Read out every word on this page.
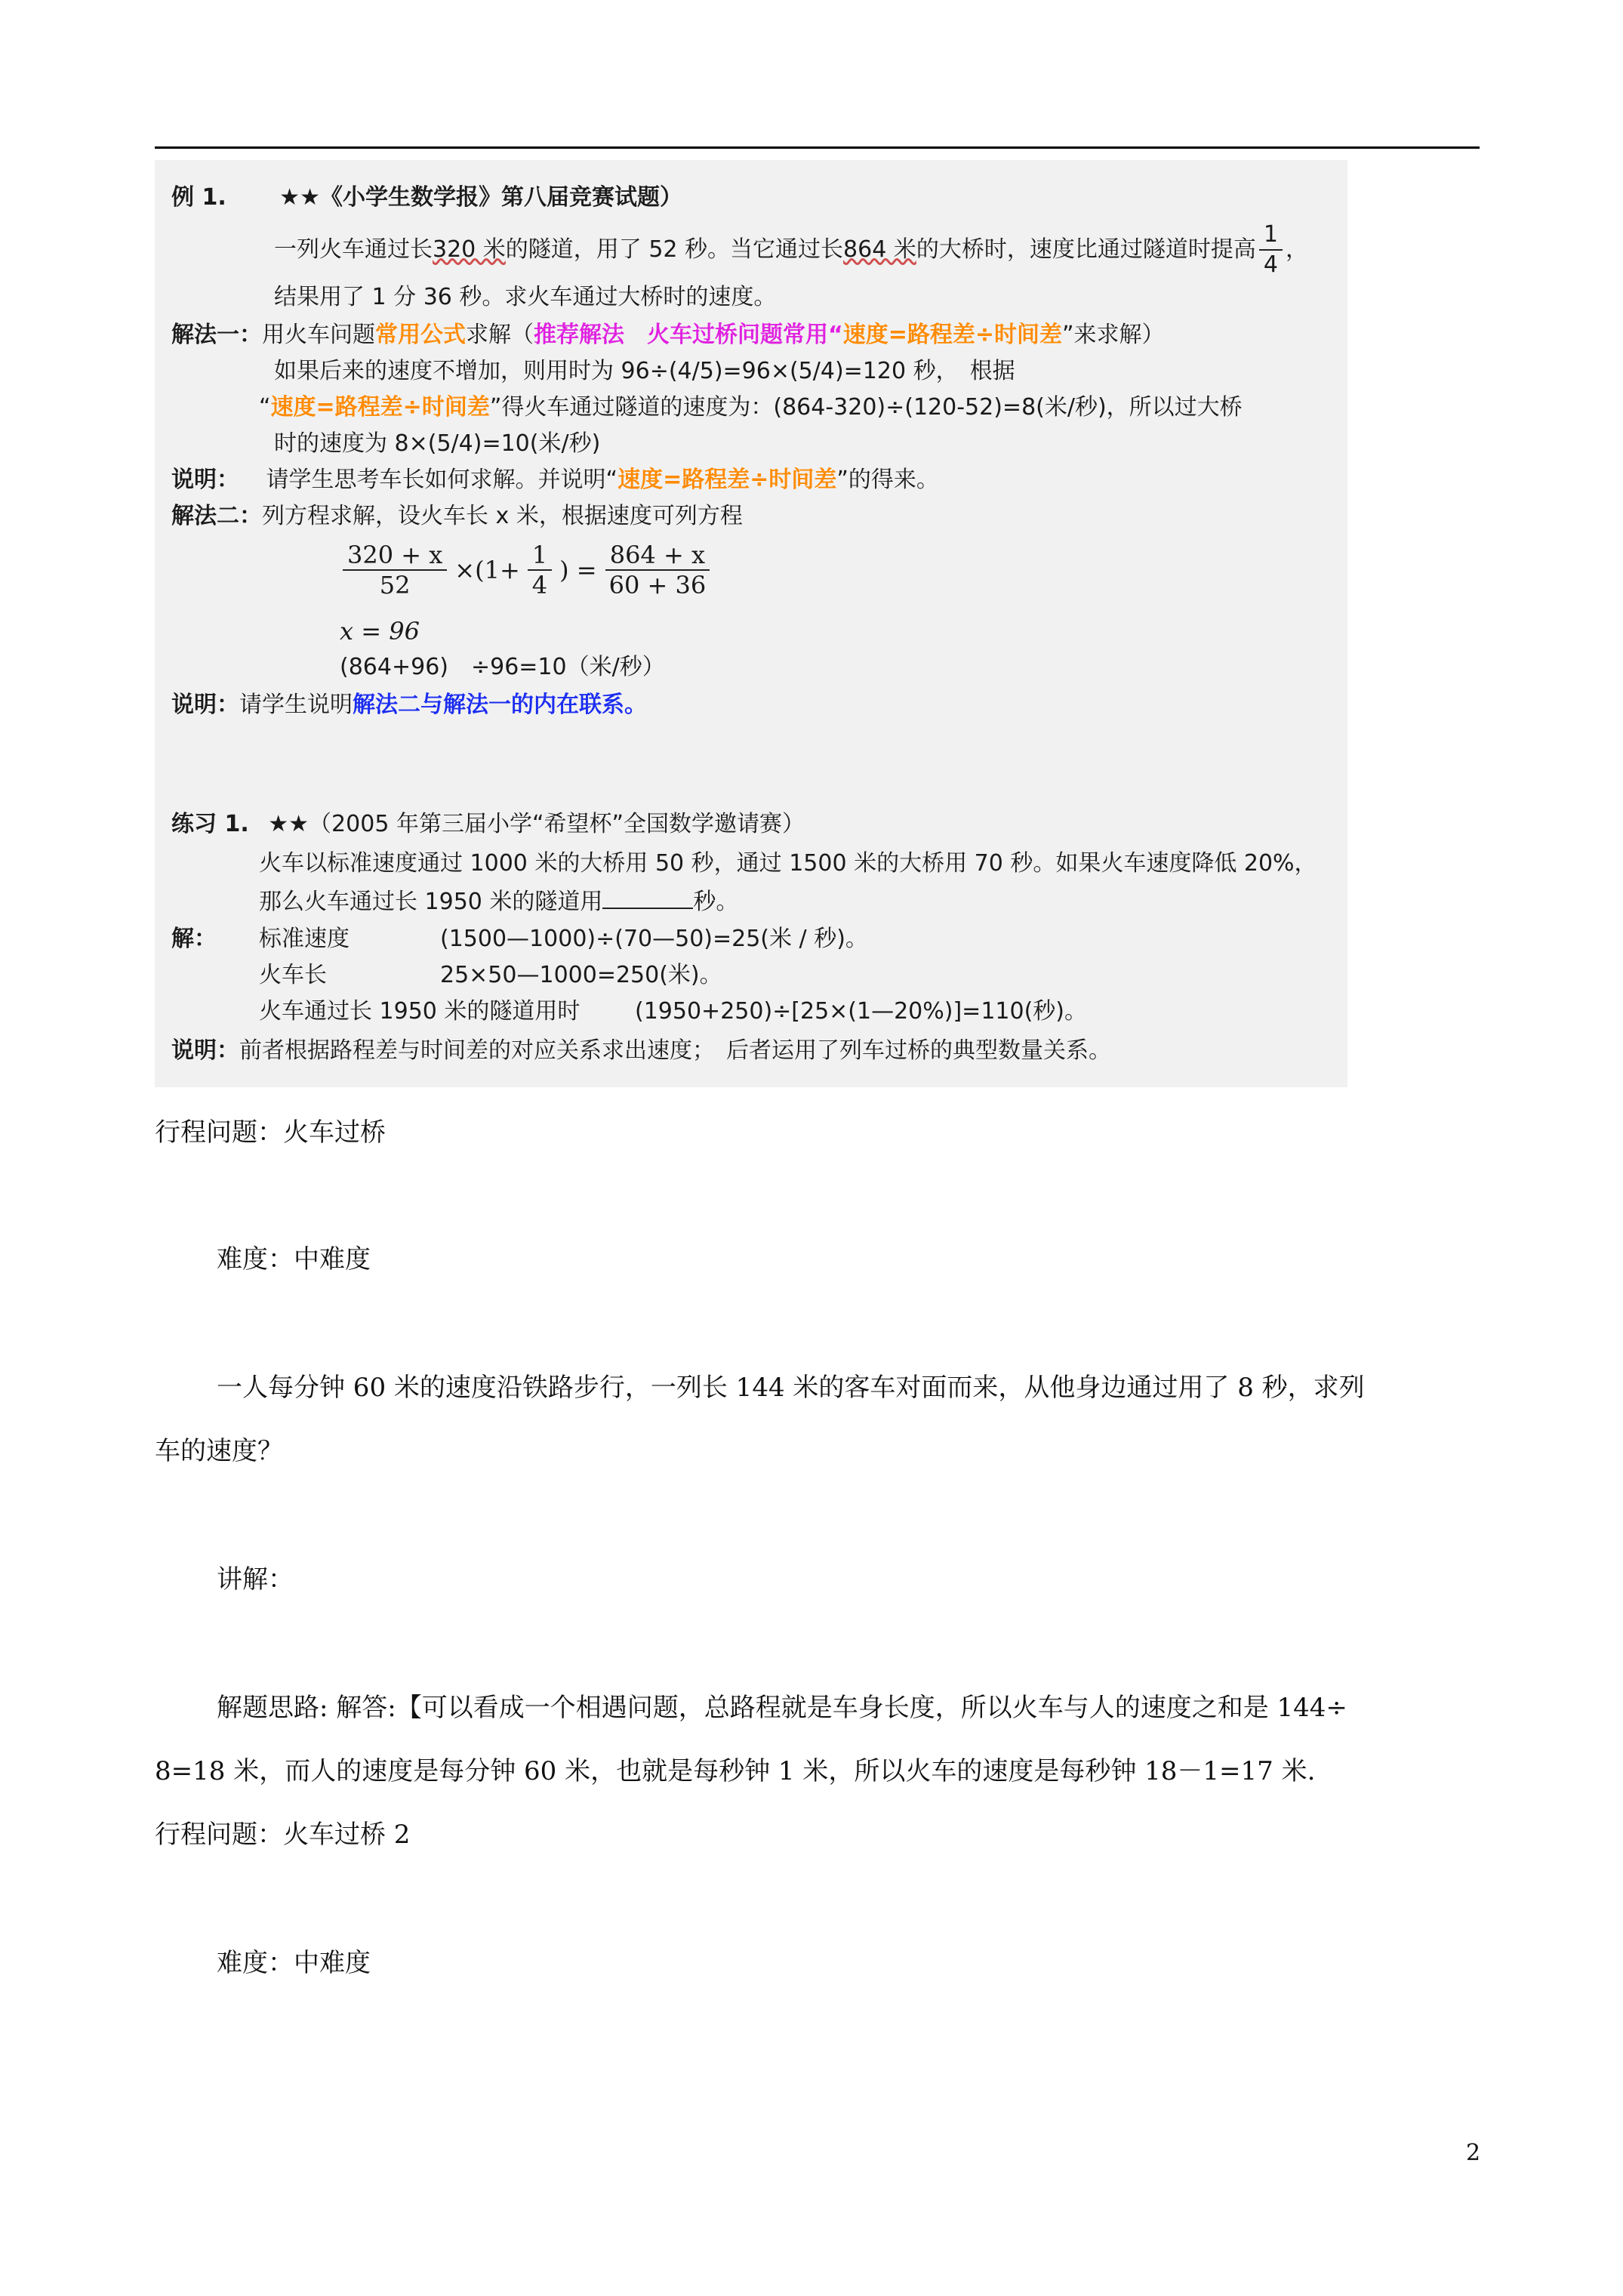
例 1. ★★《小学生数学报》第八届竞赛试题）
一列火车通过长 320 米 的隧道，用了 52 秒。当它通过长 864 米 的大桥时，速度比通过隧道时提高 $\frac{1}{4}$ ，
结果用了 1 分 36 秒。求火车通过大桥时的速度。
解法一：用火车问题常用公式求解（推荐解法　火车过桥问题常用“速度=路程差÷时间差”来求解）
如果后来的速度不增加，则用时为 96÷(4/5)=96×(5/4)=120 秒，　根据
“速度=路程差÷时间差”得火车通过隧道的速度为：(864-320)÷(120-52)=8(米/秒)，所以过大桥
时的速度为 8×(5/4)=10(米/秒)
说明： 请学生思考车长如何求解。并说明“速度=路程差÷时间差”的得来。
解法二：列方程求解，设火车长 x 米，根据速度可列方程
$\frac{320 + x}{52} \times(1+ \frac{1}{4}$ ) = $\frac{864 + x}{60 + 36}$
x = 96
(864+96)　÷96=10（米/秒）
说明：请学生说明解法二与解法一的内在联系。
练习 1. ★★（2005 年第三届小学“希望杯”全国数学邀请赛）
火车以标准速度通过 1000 米的大桥用 50 秒，通过 1500 米的大桥用 70 秒。如果火车速度降低 20%，
那么火车通过长 1950 米的隧道用	秒。
解： 标准速度	(1500—1000)÷(70—50)=25(米 / 秒)。
火车长	25×50—1000=250(米)。
火车通过长 1950 米的隧道用时 (1950+250)÷[25×(1—20%)]=110(秒)。
说明：前者根据路程差与时间差的对应关系求出速度；　后者运用了列车过桥的典型数量关系。
行程问题：火车过桥
难度：中难度
一人每分钟 60 米的速度沿铁路步行，一列长 144 米的客车对面而来，从他身边通过用了 8 秒，求列
车的速度？
讲解：
解题思路: 解答:【可以看成一个相遇问题，总路程就是车身长度，所以火车与人的速度之和是 144÷
8=18 米，而人的速度是每分钟 60 米，也就是每秒钟 1 米，所以火车的速度是每秒钟 18－1=17 米.
行程问题：火车过桥 2
难度：中难度
2
